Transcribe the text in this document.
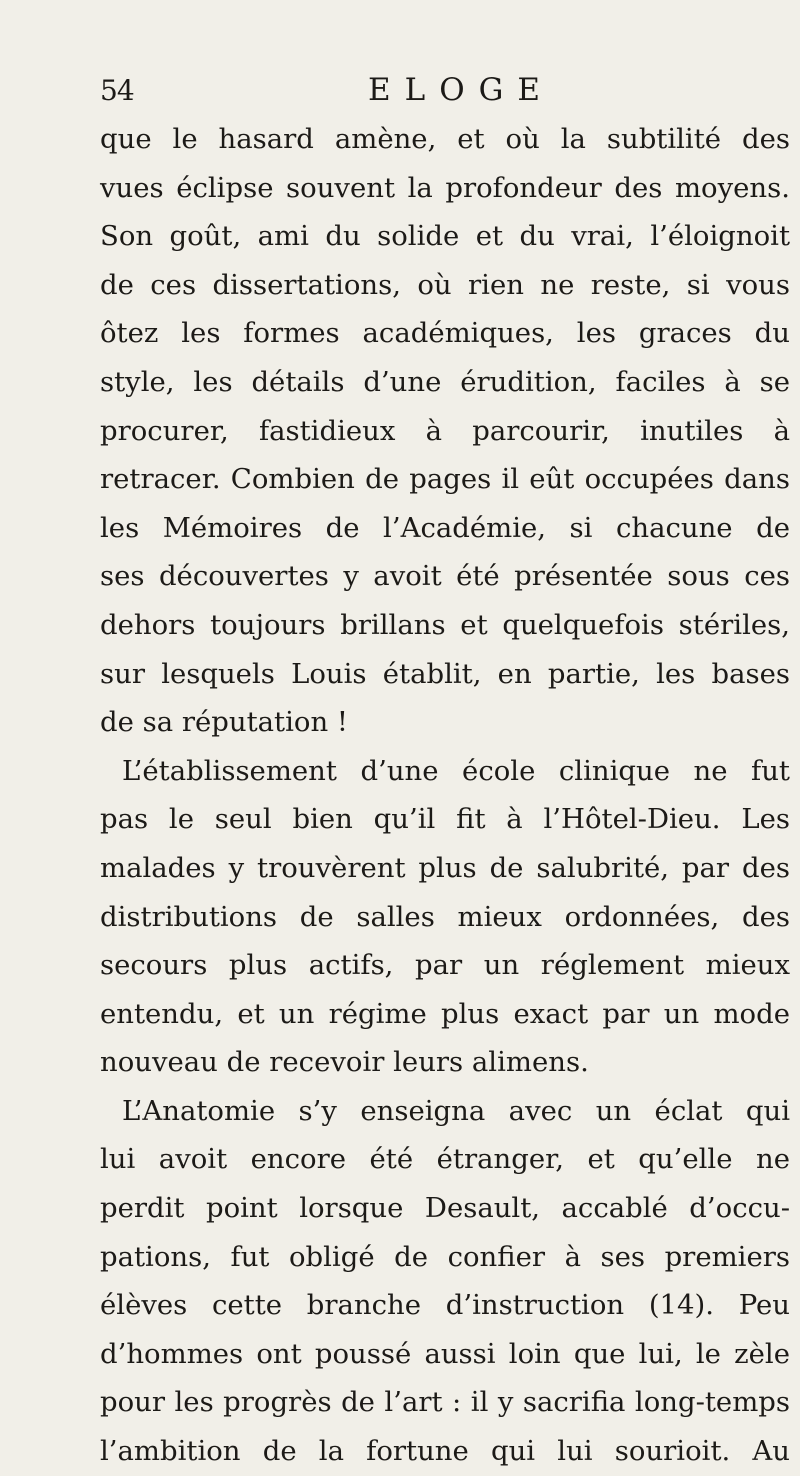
54	ELOGE
que le hasard amène, et où la subtilité des
vues éclipse souvent la profondeur des moyens.
Son goût, ami du solide et du vrai, l’éloignoit
de ces dissertations, où rien ne reste, si vous
ôtez les formes académiques, les graces du
style, les détails d’une érudition, faciles à se
procurer, fastidieux à parcourir, inutiles à
retracer. Combien de pages il eût occupées dans
les Mémoires de l’Académie, si chacune de
ses découvertes y avoit été présentée sous ces
dehors toujours brillans et quelquefois stériles,
sur lesquels Louis établit, en partie, les bases
de sa réputation !
L’établissement d’une école clinique ne fut
pas le seul bien qu’il fit à l’Hôtel-Dieu. Les
malades y trouvèrent plus de salubrité, par des
distributions de salles mieux ordonnées, des
secours plus actifs, par un réglement mieux
entendu, et un régime plus exact par un mode
nouveau de recevoir leurs alimens.
L’Anatomie s’y enseigna avec un éclat qui
lui avoit encore été étranger, et qu’elle ne
perdit point lorsque Desault, accablé d’occu-
pations, fut obligé de confier à ses premiers
élèves cette branche d’instruction (14). Peu
d’hommes ont poussé aussi loin que lui, le zèle
pour les progrès de l’art : il y sacrifia long-temps
l’ambition de la fortune qui lui sourioit. Au
